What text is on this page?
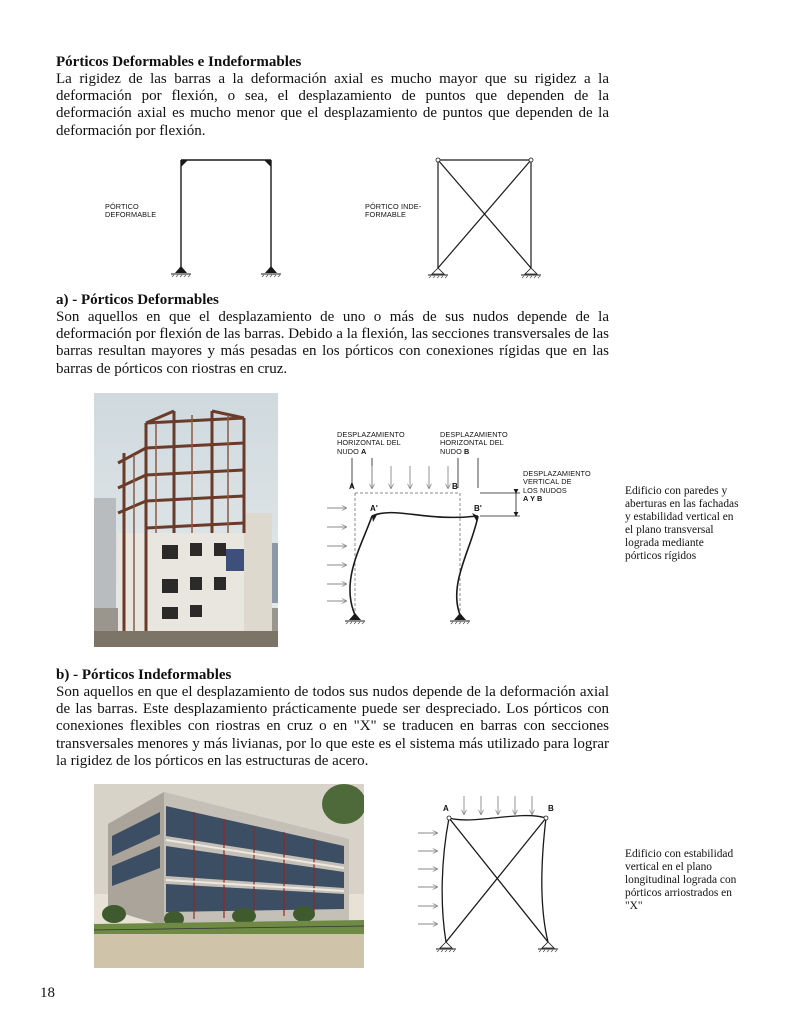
Pórticos Deformables e Indeformables
La rigidez de las barras a la deformación axial es mucho mayor que su rigidez a la deformación por flexión, o sea, el desplazamiento de puntos que dependen de la deformación axial es mucho menor que el desplazamiento de puntos que dependen de la deformación por flexión.
PÓRTICO
DEFORMABLE
PÓRTICO INDE-
FORMABLE
a) - Pórticos Deformables
Son aquellos en que el desplazamiento de uno o más de sus nudos depende de la deformación por flexión de las barras. Debido a la flexión, las secciones transversales de las barras resultan mayores y más pesadas en los pórticos con conexiones rígidas que en las barras de pórticos con riostras en cruz.
DESPLAZAMIENTO
HORIZONTAL DEL
NUDO A
DESPLAZAMIENTO
HORIZONTAL DEL
NUDO B
DESPLAZAMIENTO
VERTICAL DE
LOS NUDOS
A Y B
A	B
A'	B'
Edificio con paredes y aberturas en las fachadas y estabilidad vertical en el plano transversal lograda mediante pórticos rígidos
b) - Pórticos Indeformables
Son aquellos en que el desplazamiento de todos sus nudos depende de la deformación axial de las barras. Este desplazamiento prácticamente puede ser despreciado. Los pórticos con conexiones flexibles con riostras en cruz o en "X" se traducen en barras con secciones transversales menores y más livianas, por lo que este es el sistema más utilizado para lograr la rigidez de los pórticos en las estructuras de acero.
A	B
Edificio con estabilidad vertical en el plano longitudinal lograda con pórticos arriostrados en "X"
18
